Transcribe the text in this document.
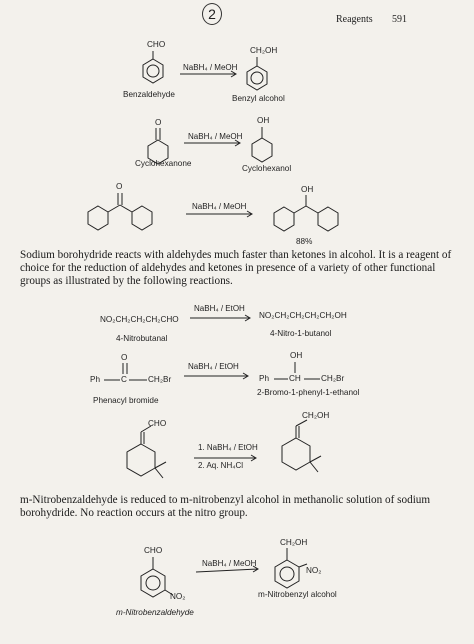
2	Reagents 591
CHO
NaBH₄ / MeOH
Benzaldehyde
CH₂OH
Benzyl alcohol
O
NaBH₄ / MeOH
Cyclohexanone
OH
Cyclohexanol
O
NaBH₄ / MeOH
OH
88%
Sodium borohydride reacts with aldehydes much faster than ketones in alcohol. It is a reagent of choice for the reduction of aldehydes and ketones in presence of a variety of other functional groups as illustrated by the following reactions.
NaBH₄ / EtOH
NO₂CH₂CH₂CH₂CHO
4-Nitrobutanal
NO₂CH₂CH₂CH₂CH₂OH
4-Nitro-1-butanol
O
Ph	C	CH₂Br
Phenacyl bromide
NaBH₄ / EtOH
OH
Ph CH CH₂Br
2-Bromo-1-phenyl-1-ethanol
CHO
1. NaBH₄ / EtOH
2. Aq. NH₄Cl
CH₂OH
m-Nitrobenzaldehyde is reduced to m-nitrobenzyl alcohol in methanolic solution of sodium borohydride. No reaction occurs at the nitro group.
CHO
NO₂
m-Nitrobenzaldehyde
NaBH₄ / MeOH
CH₂OH
NO₂
m-Nitrobenzyl alcohol
